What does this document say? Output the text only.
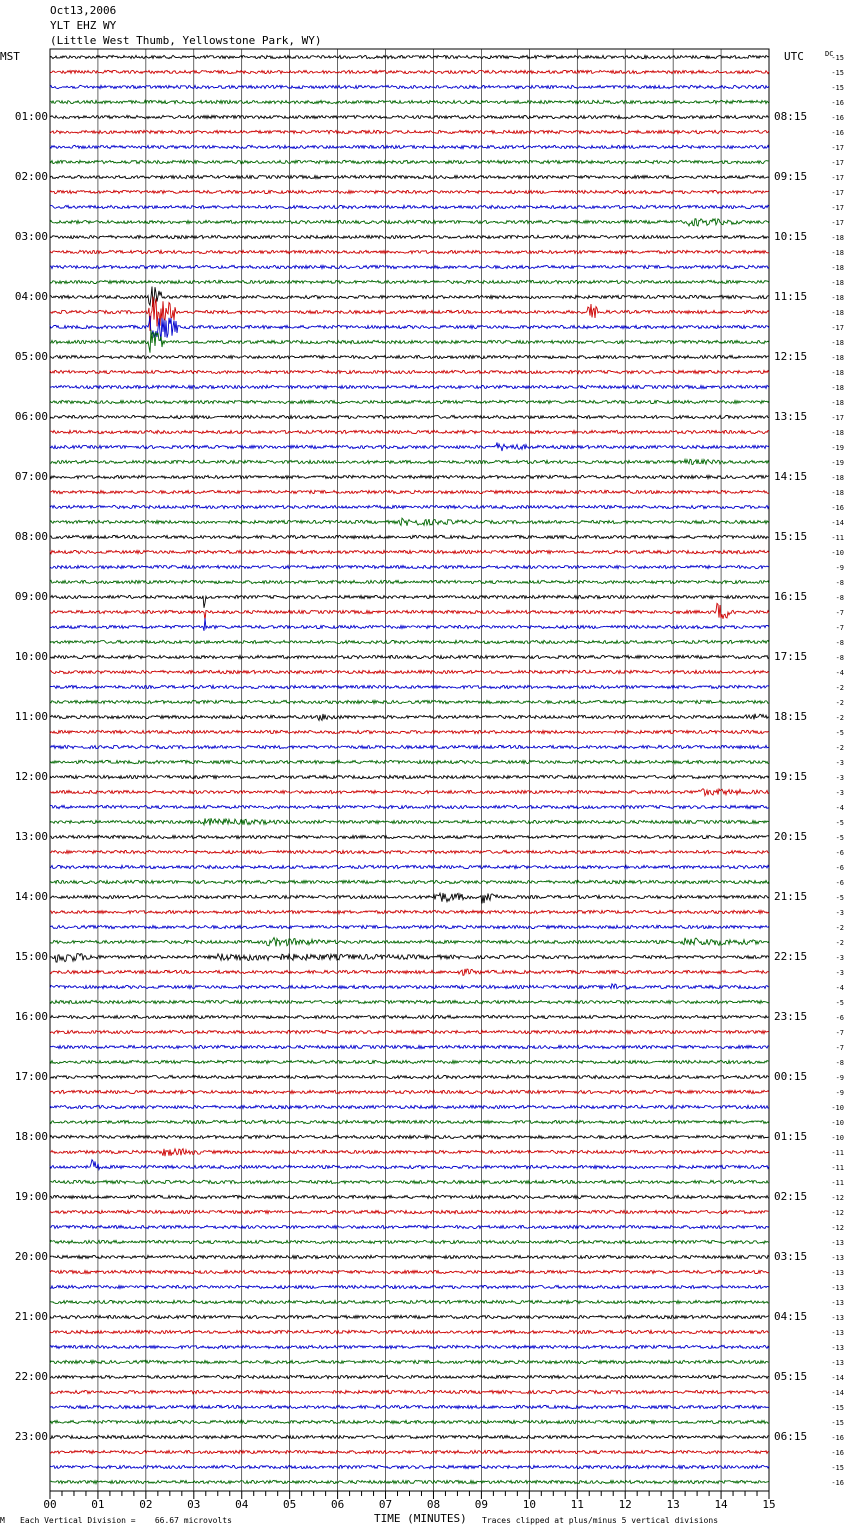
Oct13,2006
YLT EHZ WY
(Little West Thumb, Yellowstone Park, WY)
MST	UTC	DC
01:00
02:00
03:00
04:00
05:00
06:00
07:00
08:00
09:00
10:00
11:00
12:00
13:00
14:00
15:00
16:00
17:00
18:00
19:00
20:00
21:00
22:00
23:00
08:15
09:15
10:15
11:15
12:15
13:15
14:15
15:15
16:15
17:15
18:15
19:15
20:15
21:15
22:15
23:15
00:15
01:15
02:15
03:15
04:15
05:15
06:15
-15
-15
-15
-16
-16
-16
-17
-17
-17
-17
-17
-17
-18
-18
-18
-18
-18
-18
-17
-18
-18
-18
-18
-18
-17
-18
-19
-19
-18
-18
-16
-14
-11
-10
-9
-8
-8
-7
-7
-8
-8
-4
-2
-2
-2
-5
-2
-3
-3
-3
-4
-5
-5
-6
-6
-6
-5
-3
-2
-2
-3
-3
-4
-5
-6
-7
-7
-8
-9
-9
-10
-10
-10
-11
-11
-11
-12
-12
-12
-13
-13
-13
-13
-13
-13
-13
-13
-13
-14
-14
-15
-15
-16
-16
-15
-16
00	01	02	03	04	05	06	07	08	09	10	11	12	13	14	15
TIME (MINUTES)
M Each Vertical Division =    66.67 microvolts	Traces clipped at plus/minus 5 vertical divisions
